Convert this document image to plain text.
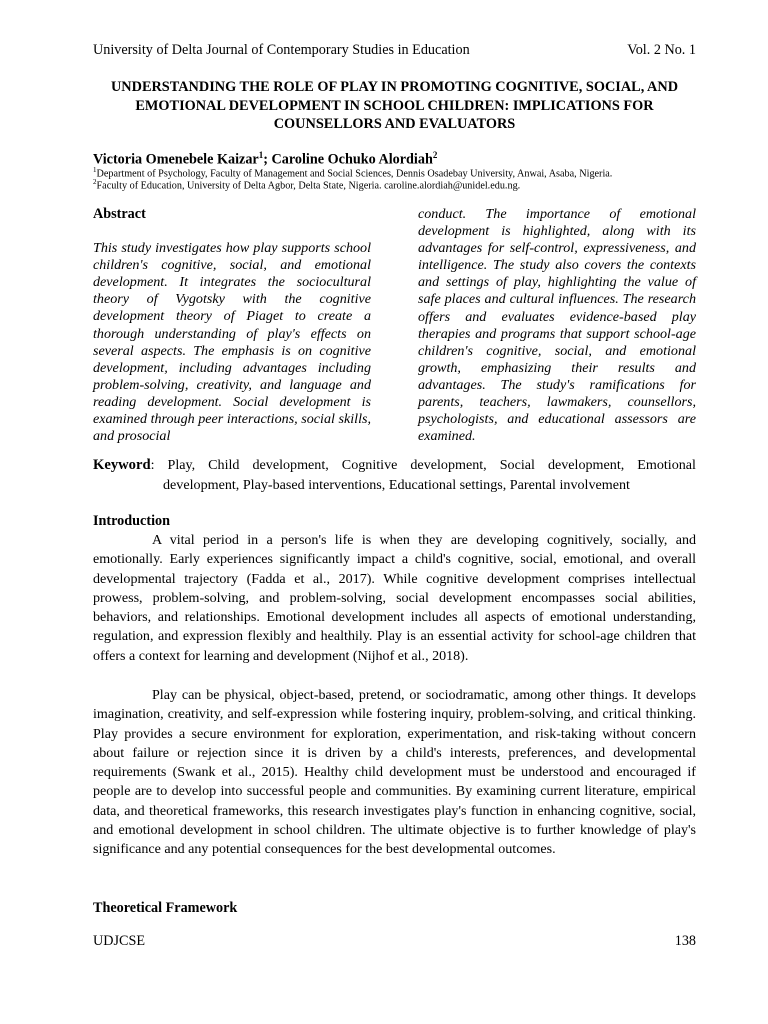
University of Delta Journal of Contemporary Studies in Education	Vol. 2 No. 1
UNDERSTANDING THE ROLE OF PLAY IN PROMOTING COGNITIVE, SOCIAL, AND EMOTIONAL DEVELOPMENT IN SCHOOL CHILDREN: IMPLICATIONS FOR COUNSELLORS AND EVALUATORS
Victoria Omenebele Kaizar$^1$; Caroline Ochuko Alordiah$^2$
$^1$Department of Psychology, Faculty of Management and Social Sciences, Dennis Osadebay University, Anwai, Asaba, Nigeria.
$^2$Faculty of Education, University of Delta Agbor, Delta State, Nigeria. caroline.alordiah@unidel.edu.ng.
Abstract
This study investigates how play supports school children's cognitive, social, and emotional development. It integrates the sociocultural theory of Vygotsky with the cognitive development theory of Piaget to create a thorough understanding of play's effects on several aspects. The emphasis is on cognitive development, including advantages including problem-solving, creativity, and language and reading development. Social development is examined through peer interactions, social skills, and prosocial
conduct. The importance of emotional development is highlighted, along with its advantages for self-control, expressiveness, and intelligence. The study also covers the contexts and settings of play, highlighting the value of safe places and cultural influences. The research offers and evaluates evidence-based play therapies and programs that support school-age children's cognitive, social, and emotional growth, emphasizing their results and advantages. The study's ramifications for parents, teachers, lawmakers, counsellors, psychologists, and educational assessors are examined.
Keyword: Play, Child development, Cognitive development, Social development, Emotional development, Play-based interventions, Educational settings, Parental involvement
Introduction

A vital period in a person's life is when they are developing cognitively, socially, and emotionally. Early experiences significantly impact a child's cognitive, social, emotional, and overall developmental trajectory (Fadda et al., 2017). While cognitive development comprises intellectual prowess, problem-solving, and problem-solving, social development encompasses social abilities, behaviors, and relationships. Emotional development includes all aspects of emotional understanding, regulation, and expression flexibly and healthily. Play is an essential activity for school-age children that offers a context for learning and development (Nijhof et al., 2018).

Play can be physical, object-based, pretend, or sociodramatic, among other things. It develops imagination, creativity, and self-expression while fostering inquiry, problem-solving, and critical thinking. Play provides a secure environment for exploration, experimentation, and risk-taking without concern about failure or rejection since it is driven by a child's interests, preferences, and developmental requirements (Swank et al., 2015). Healthy child development must be understood and encouraged if people are to develop into successful people and communities. By examining current literature, empirical data, and theoretical frameworks, this research investigates play's function in enhancing cognitive, social, and emotional development in school children. The ultimate objective is to further knowledge of play's significance and any potential consequences for the best developmental outcomes.

Theoretical Framework
UDJCSE	138
